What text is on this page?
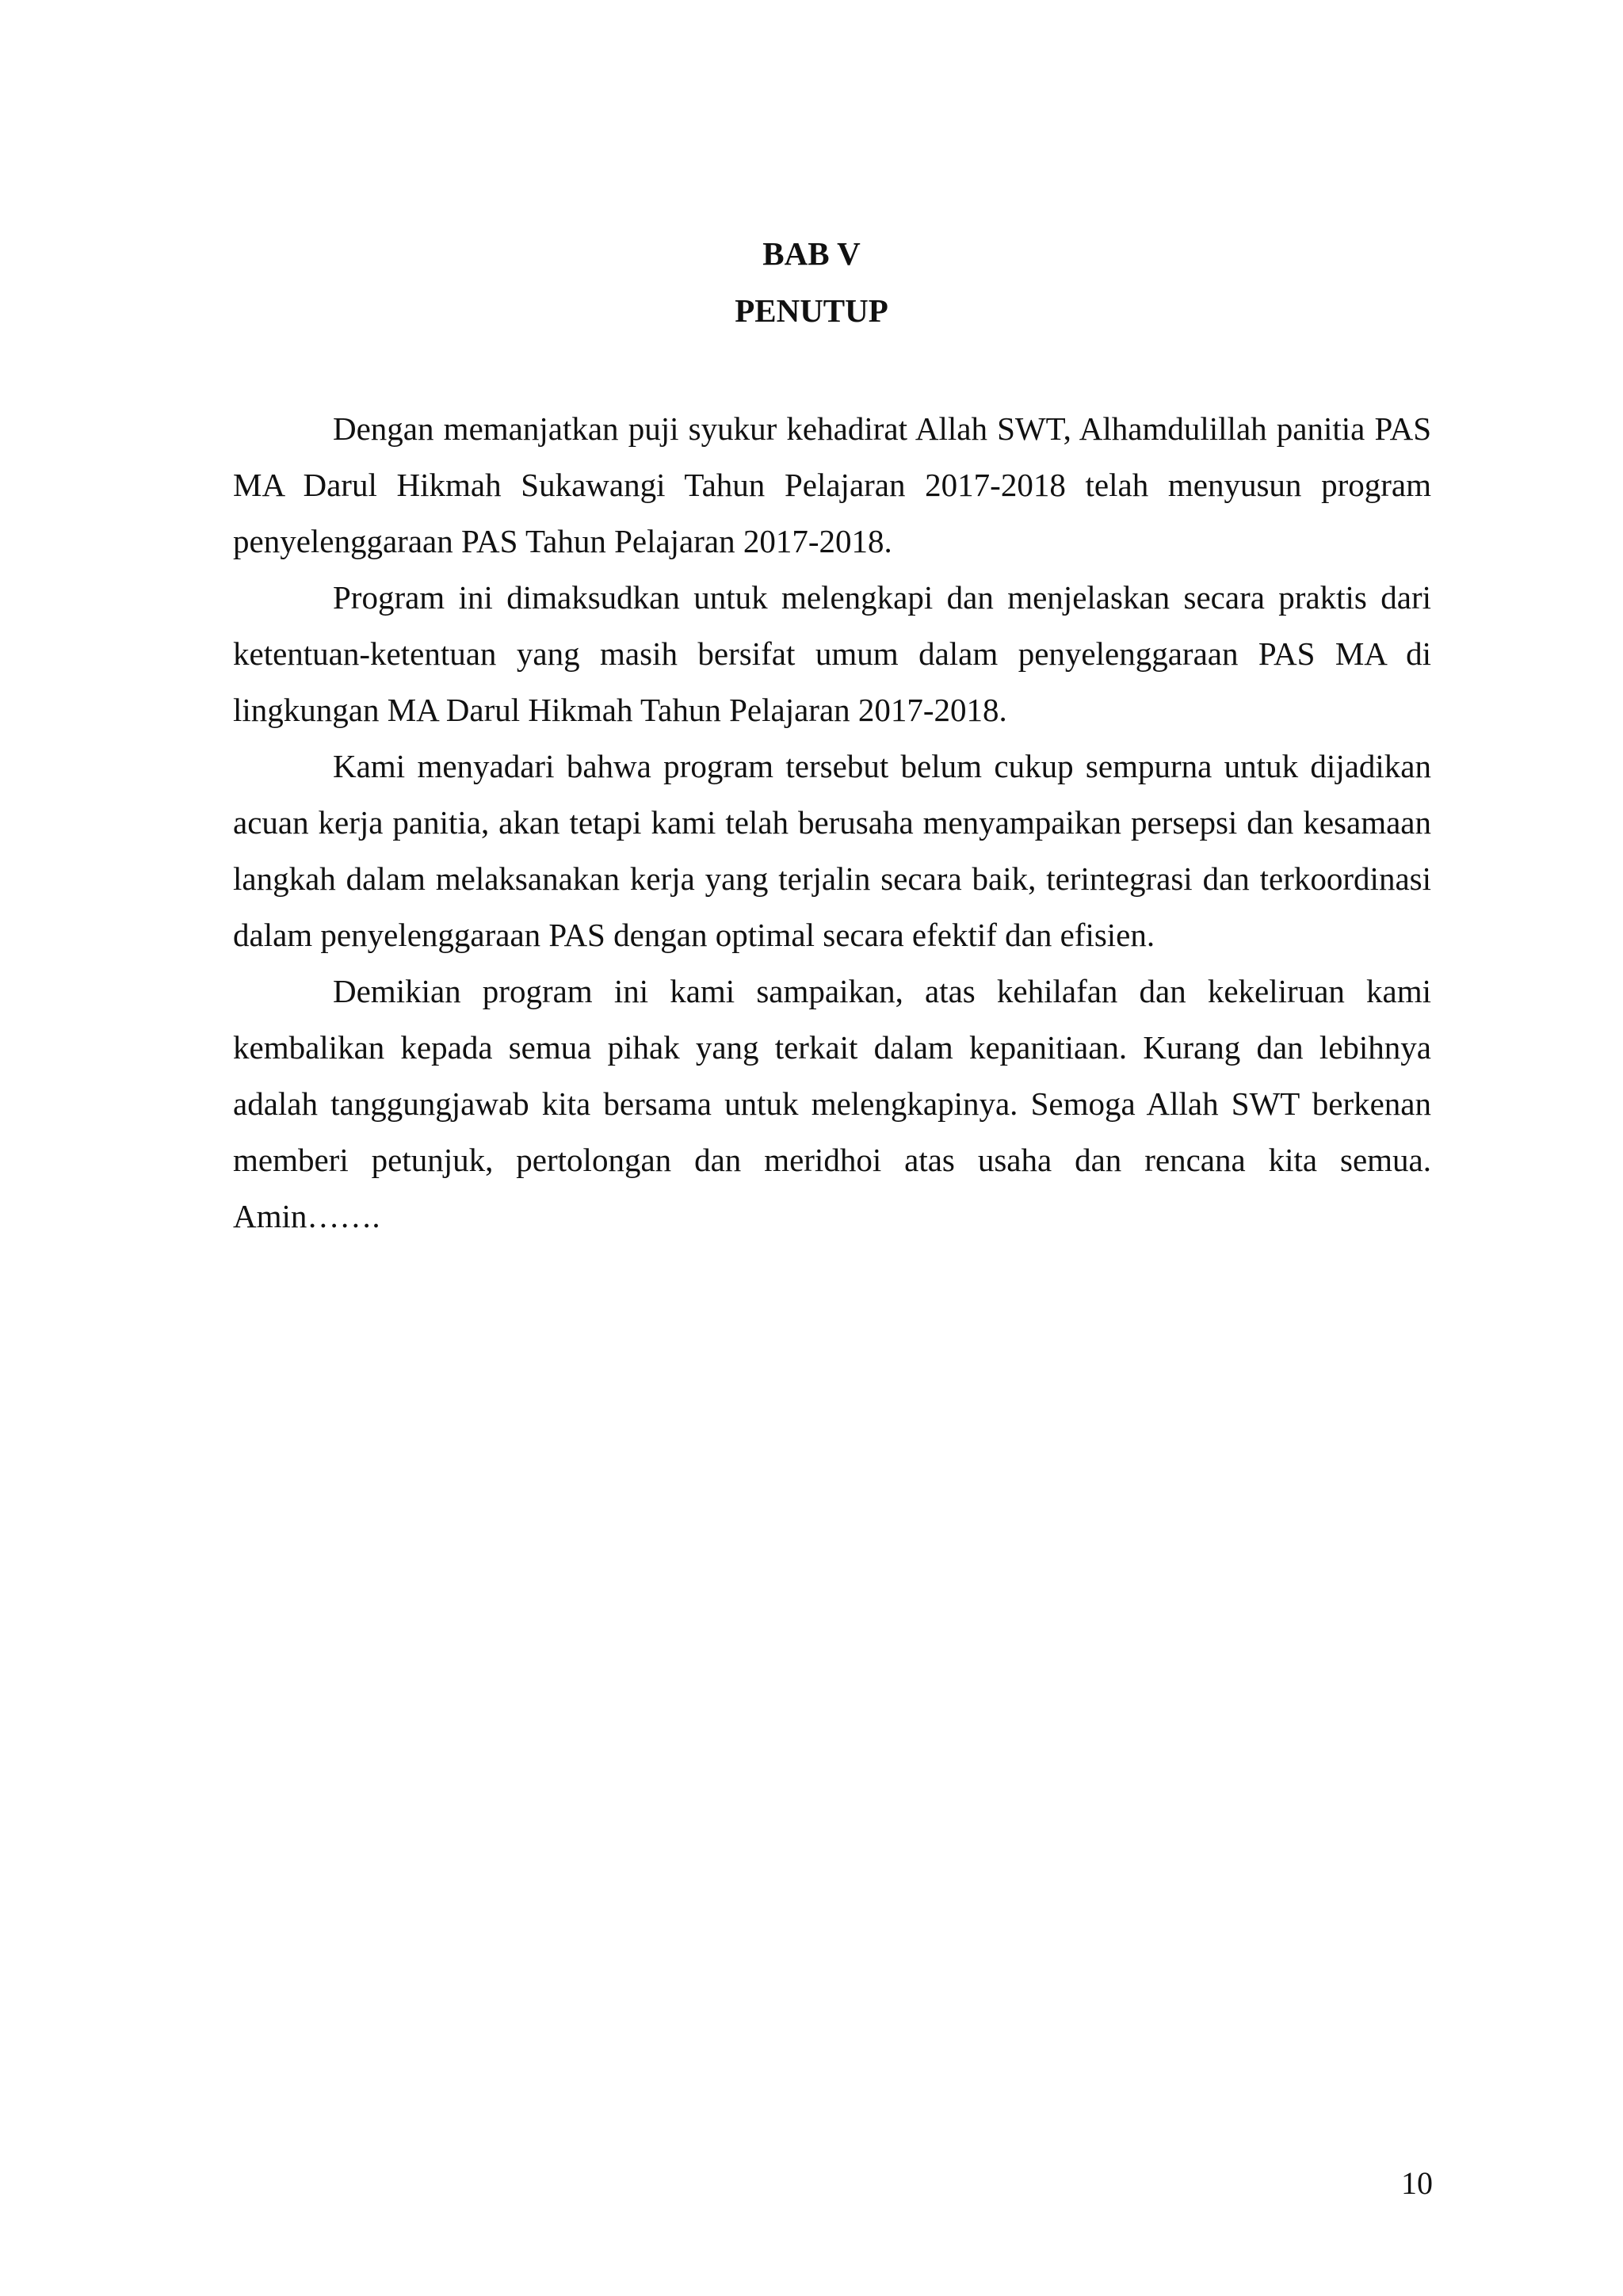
BAB V
PENUTUP

Dengan memanjatkan puji syukur kehadirat Allah SWT, Alhamdulillah panitia PAS MA Darul Hikmah Sukawangi Tahun Pelajaran 2017-2018 telah menyusun program penyelenggaraan PAS Tahun Pelajaran 2017-2018.

Program ini dimaksudkan untuk melengkapi dan menjelaskan secara praktis dari ketentuan-ketentuan yang masih bersifat umum dalam penyelenggaraan PAS MA di lingkungan MA Darul Hikmah Tahun Pelajaran 2017-2018.

Kami menyadari bahwa program tersebut belum cukup sempurna untuk dijadikan acuan kerja panitia, akan tetapi kami telah berusaha menyampaikan persepsi dan kesamaan langkah dalam melaksanakan kerja yang terjalin secara baik, terintegrasi dan terkoordinasi dalam penyelenggaraan PAS dengan optimal secara efektif dan efisien.

Demikian program ini kami sampaikan, atas kehilafan dan kekeliruan kami kembalikan kepada semua pihak yang terkait dalam kepanitiaan. Kurang dan lebihnya adalah tanggungjawab kita bersama untuk melengkapinya. Semoga Allah SWT berkenan memberi petunjuk, pertolongan dan meridhoi atas usaha dan rencana kita semua. Amin…….

10
